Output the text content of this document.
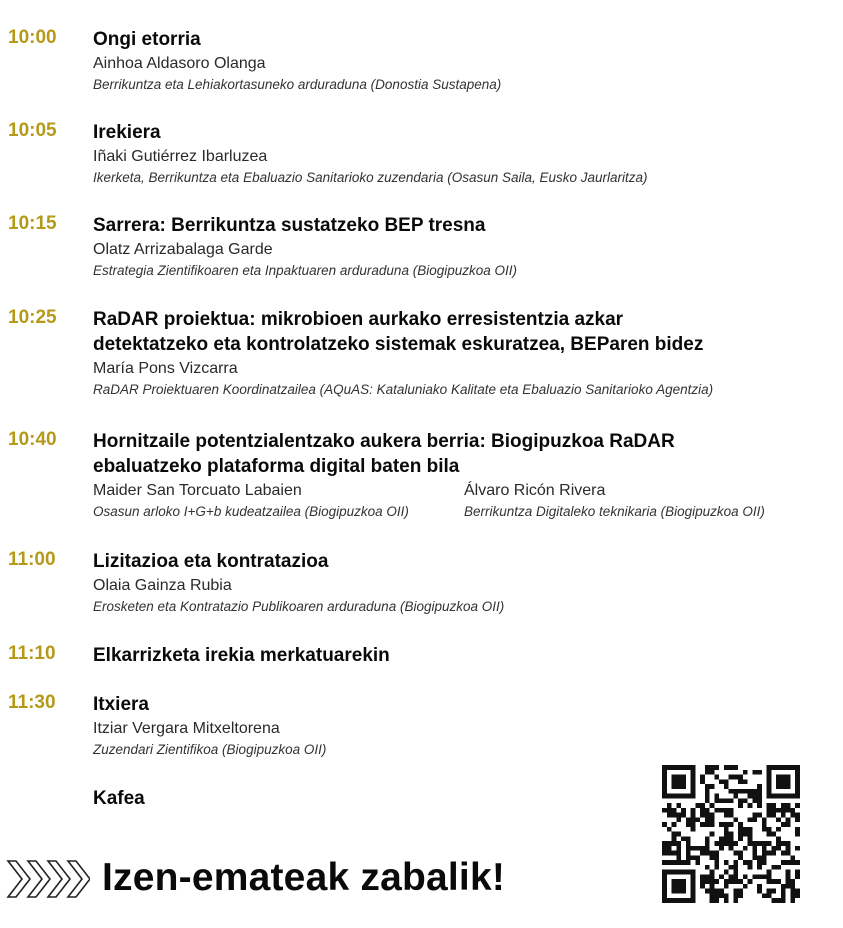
10:00 Ongi etorria
Ainhoa Aldasoro Olanga
Berrikuntza eta Lehiakortasuneko arduraduna (Donostia Sustapena)
10:05 Irekiera
Iñaki Gutiérrez Ibarluzea
Ikerketa, Berrikuntza eta Ebaluazio Sanitarioko zuzendaria (Osasun Saila, Eusko Jaurlaritza)
10:15 Sarrera: Berrikuntza sustatzeko BEP tresna
Olatz Arrizabalaga Garde
Estrategia Zientifikoaren eta Inpaktuaren arduraduna (Biogipuzkoa OII)
10:25 RaDAR proiektua: mikrobioen aurkako erresistentzia azkar
detektatzeko eta kontrolatzeko sistemak eskuratzea, BEParen bidez
María Pons Vizcarra
RaDAR Proiektuaren Koordinatzailea (AQuAS: Kataluniako Kalitate eta Ebaluazio Sanitarioko Agentzia)
10:40 Hornitzaile potentzialentzako aukera berria: Biogipuzkoa RaDAR
ebaluatzeko plataforma digital baten bila
Maider San Torcuato Labaien
Osasun arloko I+G+b kudeatzailea (Biogipuzkoa OII)
Álvaro Ricón Rivera
Berrikuntza Digitaleko teknikaria (Biogipuzkoa OII)
11:00 Lizitazioa eta kontratazioa
Olaia Gainza Rubia
Erosketen eta Kontratazio Publikoaren arduraduna (Biogipuzkoa OII)
11:10 Elkarrizketa irekia merkatuarekin
11:30 Itxiera
Itziar Vergara Mitxeltorena
Zuzendari Zientifikoa (Biogipuzkoa OII)
Kafea
Izen-emateak zabalik!
